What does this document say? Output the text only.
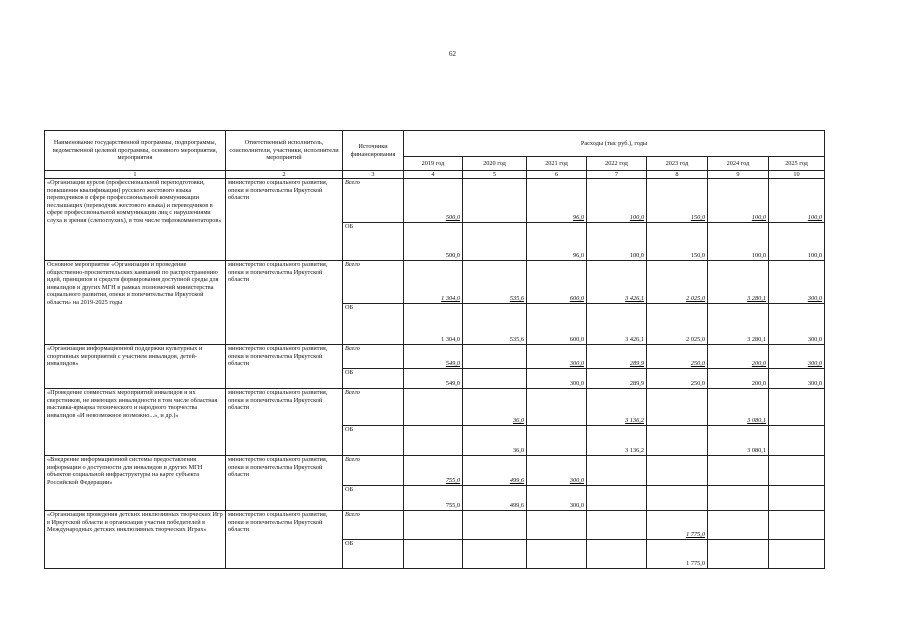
62
Наименование государственной программы, подпрограммы, ведомственной целевой программы, основного мероприятия, мероприятия	Ответственный исполнитель, соисполнители, участники, исполнители мероприятий	Источники финансирования	Расходы (тыс руб.), годы						
			2019 год	2020 год	2021 год	2022 год	2023 год	2024 год	2025 год
1	2	3	4	5	6	7	8	9	10
«Организация курсов (профессиональной переподготовки, повышения квалификации) русского жестового языка переводчиков в сфере профессиональной коммуникации неслышащих (переводчик жестового языка) и переводчиков в сфере профессиональной коммуникации лиц с нарушениями слуха и зрения (слепоглухих), в том числе тифлокомментаторов»	министерство социального развития, опеки и попечительства Иркутской области	Всего	500,0		96,0	100,0	150,0	100,0	100,0
		ОБ	500,0		96,0	100,0	150,0	100,0	100,0
Основное мероприятие «Организация и проведение общественно-просветительских кампаний по распространению идей, принципов и средств формирования доступной среды для инвалидов и других МГН в рамках полномочий министерства социального развития, опеки и попечительства Иркутской области» на 2019-2025 годы	министерство социального развития, опеки и попечительства Иркутской области	Всего	1 304,0	535,6	600,0	3 426,1	2 025,0	3 280,1	300,0
		ОБ	1 304,0	535,6	600,0	3 426,1	2 025,0	3 280,1	300,0
«Организация информационной поддержки культурных и спортивных мероприятий с участием инвалидов, детей-инвалидов»	министерство социального развития, опеки и попечительства Иркутской области	Всего	549,0		300,0	289,9	250,0	200,0	300,0
		ОБ	549,0		300,0	289,9	250,0	200,0	300,0
«Проведение совместных мероприятий инвалидов и их сверстников, не имеющих инвалидности в том числе областная выставка-ярмарка технического и народного творчества инвалидов «И невозможное возможно...», и др.)»	министерство социального развития, опеки и попечительства Иркутской области	Всего		36,0		3 136,2		3 080,1	
		ОБ		36,0		3 136,2		3 080,1	
«Внедрение информационной системы предоставления информации о доступности для инвалидов и других МГН объектов социальной инфраструктуры на карте субъекта Российской Федерации»	министерство социального развития, опеки и попечительства Иркутской области	Всего	755,0	499,6	300,0				
		ОБ	755,0	499,6	300,0				
«Организация проведения детских инклюзивных творческих Игр в Иркутской области и организация участия победителей в Международных детских инклюзивных творческих Играх»	министерство социального развития, опеки и попечительства Иркутской области	Всего					1 775,0		
		ОБ					1 775,0		
